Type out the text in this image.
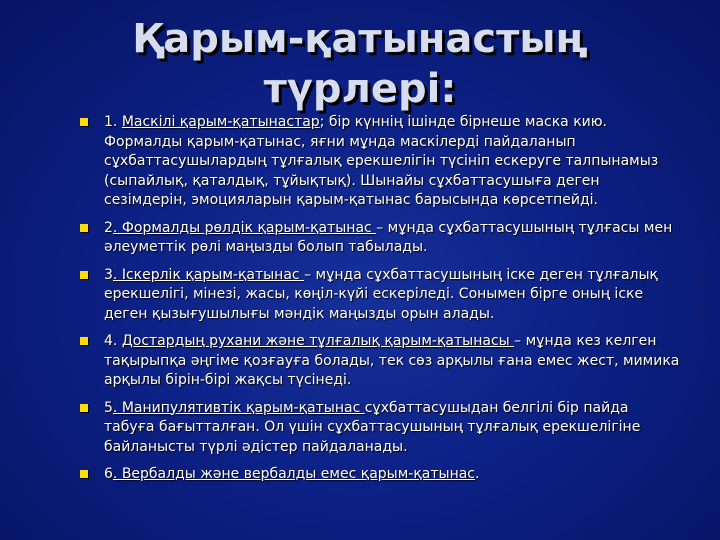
Қарым-қатынастың
түрлері:
1. Маскілі қарым-қатынастар; бір күннің ішінде бірнеше маска кию. Формалды қарым-қатынас, яғни мұнда маскілерді пайдаланып сұхбаттасушылардың тұлғалық ерекшелігін түсініп ескеруге талпынамыз (сыпайлық, қаталдық, тұйықтық). Шынайы сұхбаттасушыға деген сезімдерін, эмоцияларын қарым-қатынас барысында көрсетпейді.
2. Формалды рөлдік қарым-қатынас – мұнда сұхбаттасушының тұлғасы мен әлеуметтік рөлі маңызды болып табылады.
3. Іскерлік қарым-қатынас – мұнда сұхбаттасушының іске деген тұлғалық ерекшелігі, мінезі, жасы, көңіл-күйі ескеріледі. Сонымен бірге оның іске деген қызығушылығы мәндік маңызды орын алады.
4. Достардың рухани және тұлғалық қарым-қатынасы – мұнда кез келген тақырыпқа әңгіме қозғауға болады, тек сөз арқылы ғана емес жест, мимика арқылы бірін-бірі жақсы түсінеді.
5. Манипулятивтік қарым-қатынас сұхбаттасушыдан белгілі бір пайда табуға бағытталған. Ол үшін сұхбаттасушының тұлғалық ерекшелігіне байланысты түрлі әдістер пайдаланады.
6. Вербалды және вербалды емес қарым-қатынас.
